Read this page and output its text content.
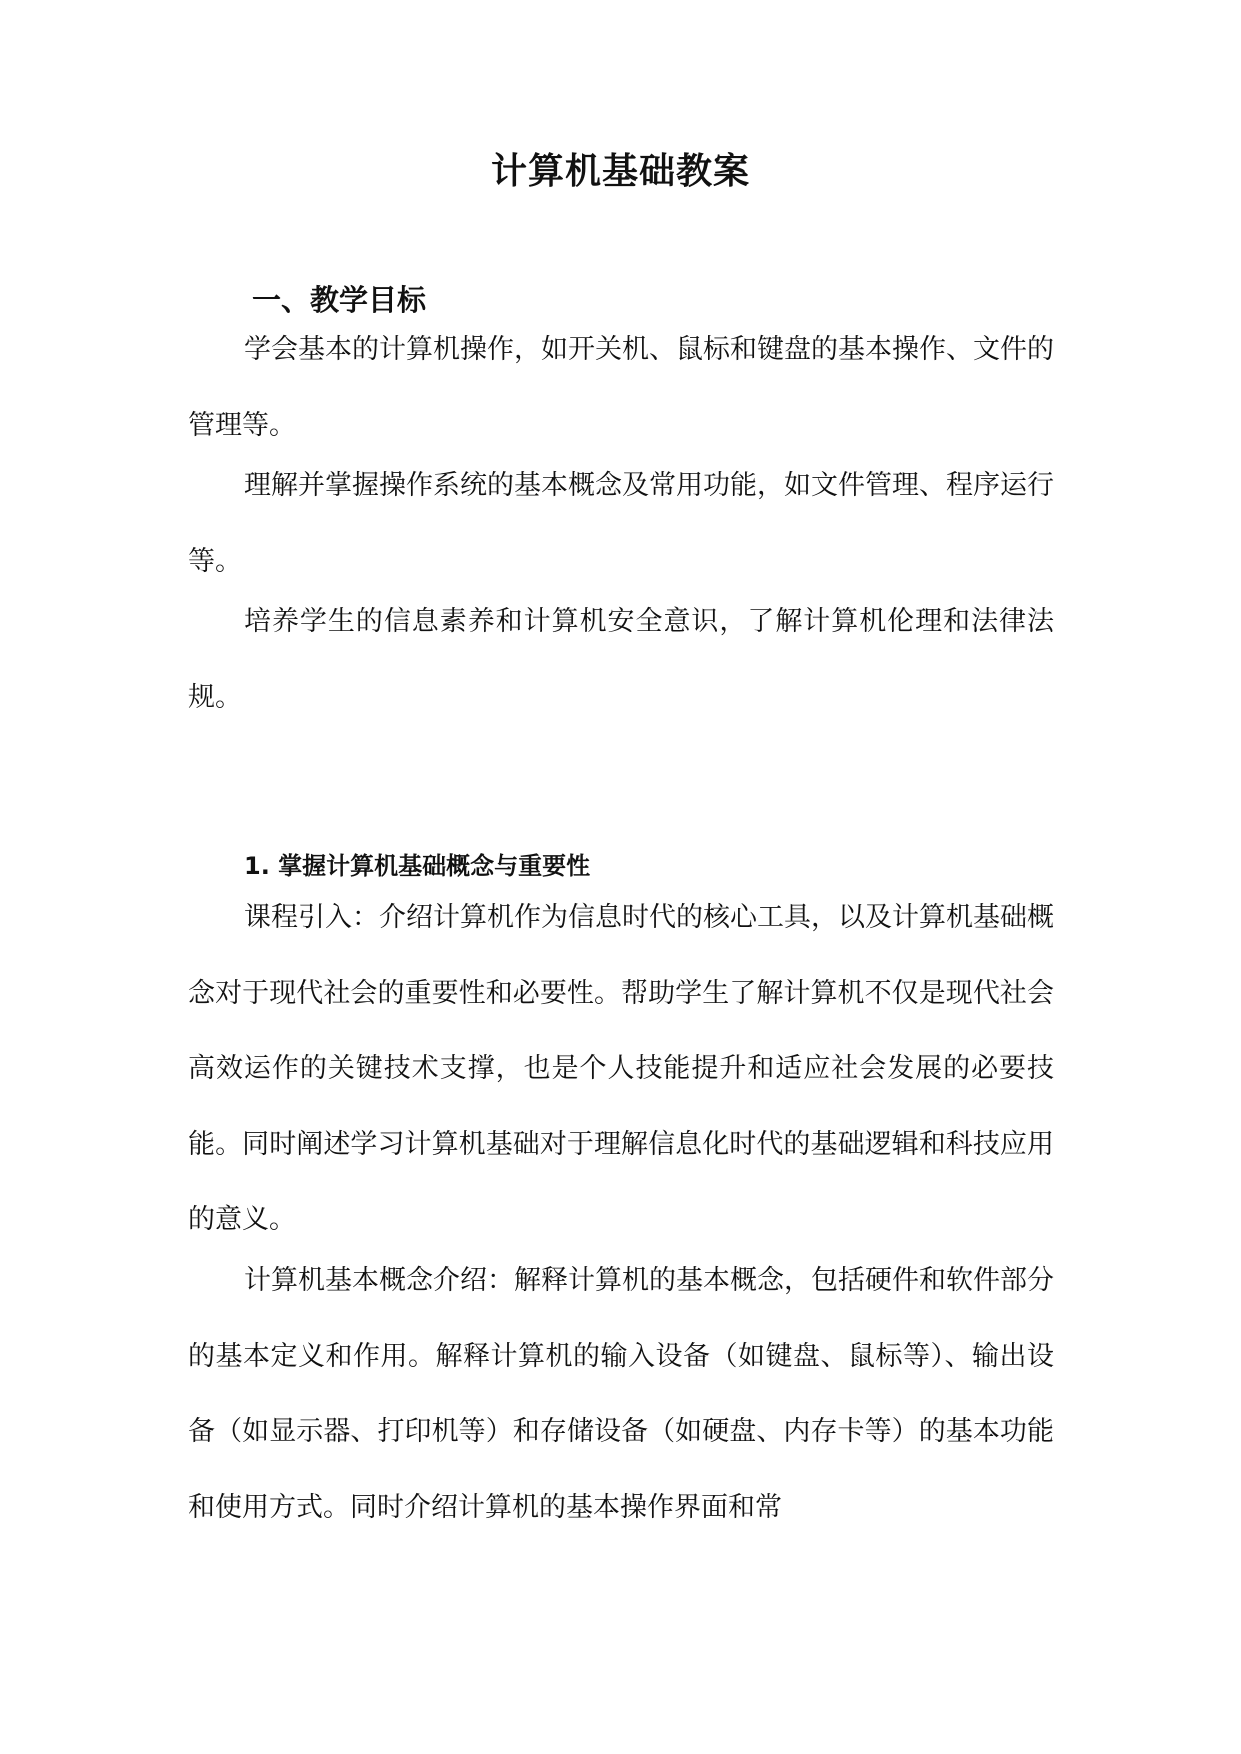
计算机基础教案
一、教学目标

学会基本的计算机操作，如开关机、鼠标和键盘的基本操作、文件的管理等。

理解并掌握操作系统的基本概念及常用功能，如文件管理、程序运行等。

培养学生的信息素养和计算机安全意识，了解计算机伦理和法律法规。

1. 掌握计算机基础概念与重要性

课程引入：介绍计算机作为信息时代的核心工具，以及计算机基础概念对于现代社会的重要性和必要性。帮助学生了解计算机不仅是现代社会高效运作的关键技术支撑，也是个人技能提升和适应社会发展的必要技能。同时阐述学习计算机基础对于理解信息化时代的基础逻辑和科技应用的意义。

计算机基本概念介绍：解释计算机的基本概念，包括硬件和软件部分的基本定义和作用。解释计算机的输入设备（如键盘、鼠标等）、输出设备（如显示器、打印机等）和存储设备（如硬盘、内存卡等）的基本功能和使用方式。同时介绍计算机的基本操作界面和常
